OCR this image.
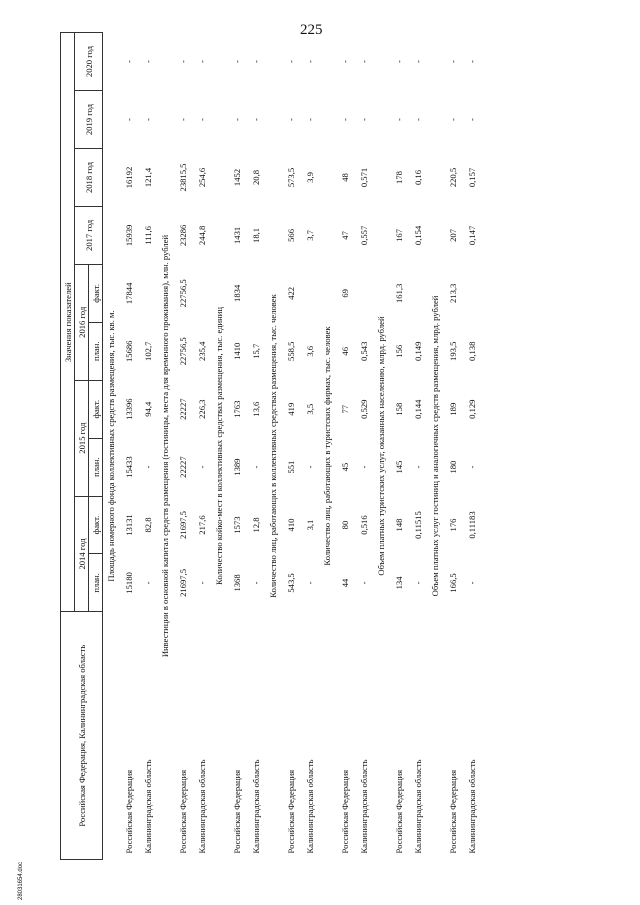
225
Российская Федерация, Калининградская область	Значения показателей									
	2014 год		2015 год		2016 год		2017 год	2018 год	2019 год	2020 год
	план.	факт.	план.	факт.	план.	факт.				
Площадь номерного фонда коллективных средств размещения, тыс. кв. м.										
Российская Федерация	15180	13131	15433	13396	15686	17844	15939	16192	-	-
Калининградская область	-	82,8	-	94,4	102,7		111,6	121,4	-	-
Инвестиции в основной капитал средств размещения (гостиницы, места для временного проживания), млн. рублей										
Российская Федерация	21697,5	21697,5	22227	22227	22756,5	22756,5	23286	23815,5	-	-
Калининградская область	-	217,6	-	226,3	235,4		244,8	254,6	-	-
Количество койко-мест в коллективных средствах размещения, тыс. единиц										
Российская Федерация	1368	1573	1389	1763	1410	1834	1431	1452	-	-
Калининградская область	-	12,8	-	13,6	15,7		18,1	20,8	-	-
Количество лиц, работающих в коллективных средствах размещения, тыс. человек										
Российская Федерация	543,5	410	551	419	558,5	422	566	573,5	-	-
Калининградская область	-	3,1	-	3,5	3,6		3,7	3,9	-	-
Количество лиц, работающих в туристских фирмах, тыс. человек										
Российская Федерация	44	80	45	77	46	69	47	48	-	-
Калининградская область	-	0,516	-	0,529	0,543		0,557	0,571	-	-
Объем платных туристских услуг, оказанных населению, млрд. рублей										
Российская Федерация	134	148	145	158	156	161,3	167	178	-	-
Калининградская область	-	0,11515	-	0,144	0,149		0,154	0,16	-	-
Объем платных услуг гостиниц и аналогичных средств размещения, млрд. рублей										
Российская Федерация	166,5	176	180	189	193,5	213,3	207	220,5	-	-
Калининградская область	-	0,11183	-	0,129	0,138		0,147	0,157	-	-
28031654.doc
